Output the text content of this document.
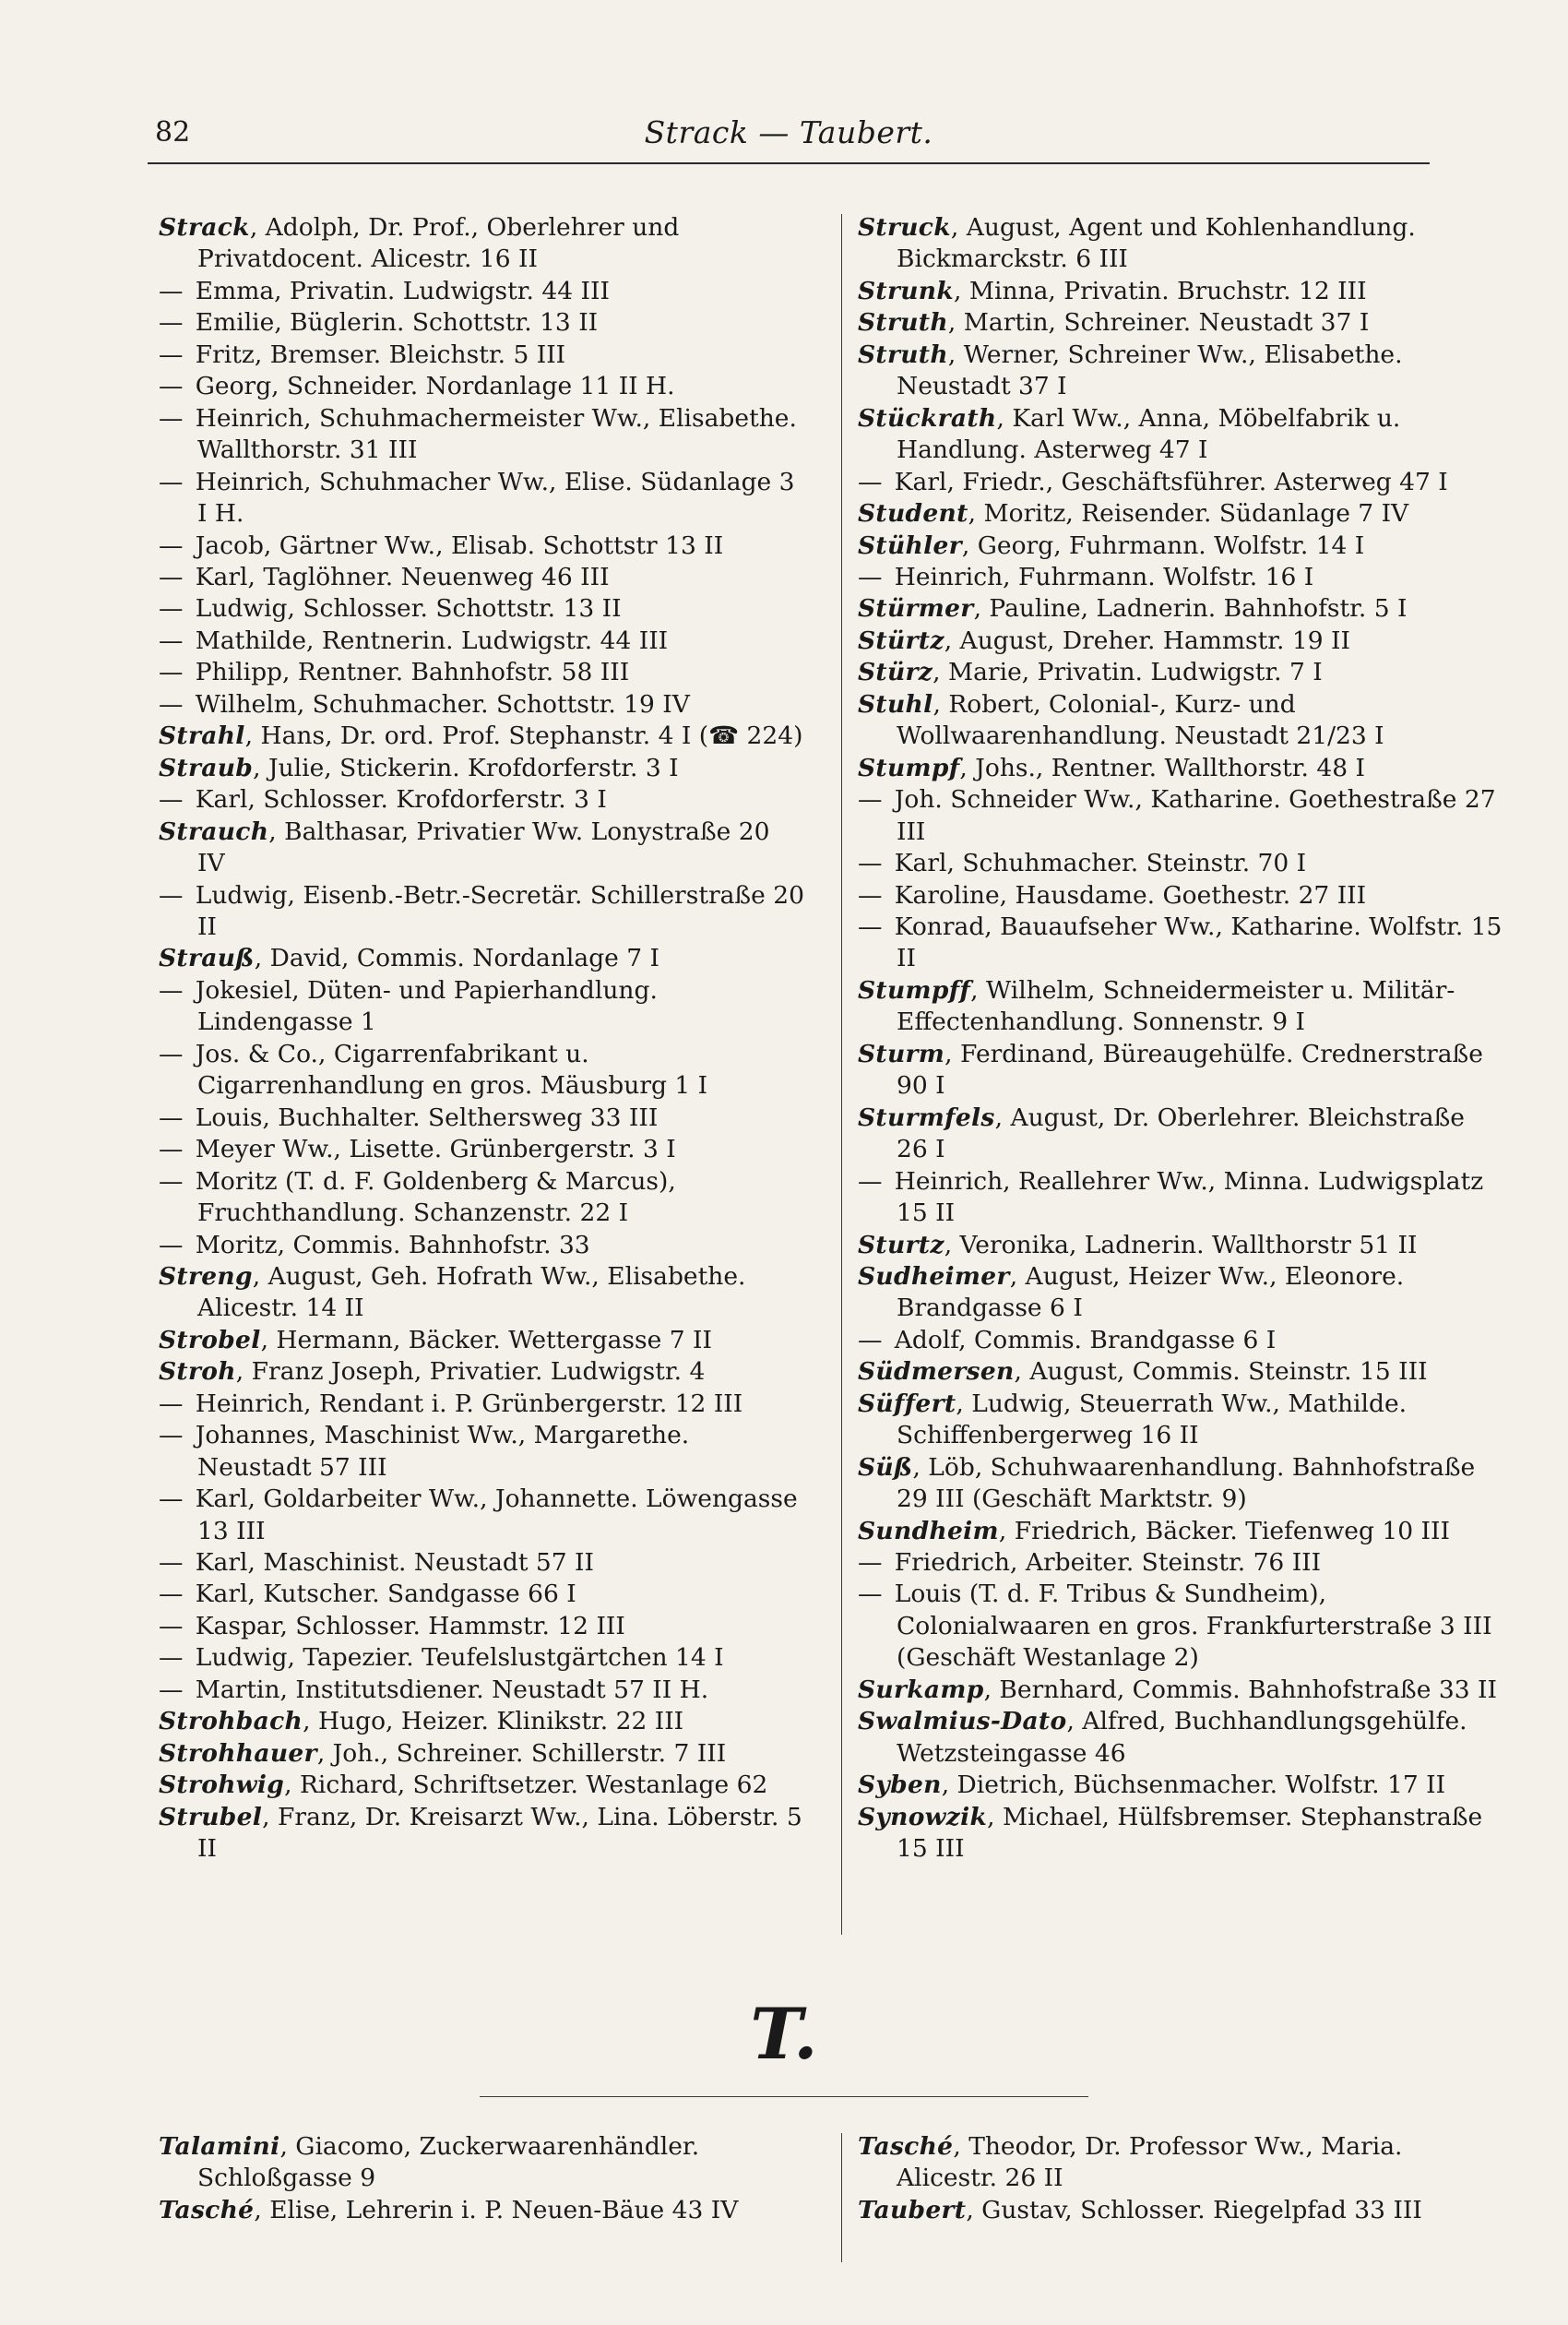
82	Strack — Taubert.

Strack, Adolph, Dr. Prof., Oberlehrer und Privatdocent. Alicestr. 16 II

— Emma, Privatin. Ludwigstr. 44 III

— Emilie, Büglerin. Schottstr. 13 II

— Fritz, Bremser. Bleichstr. 5 III

— Georg, Schneider. Nordanlage 11 II H.

— Heinrich, Schuhmachermeister Ww., Elisabethe. Wallthorstr. 31 III

— Heinrich, Schuhmacher Ww., Elise. Südanlage 3 I H.

— Jacob, Gärtner Ww., Elisab. Schottstr 13 II

— Karl, Taglöhner. Neuenweg 46 III

— Ludwig, Schlosser. Schottstr. 13 II

— Mathilde, Rentnerin. Ludwigstr. 44 III

— Philipp, Rentner. Bahnhofstr. 58 III

— Wilhelm, Schuhmacher. Schottstr. 19 IV

Strahl, Hans, Dr. ord. Prof. Stephanstr. 4 I (☎ 224)

Straub, Julie, Stickerin. Krofdorferstr. 3 I

— Karl, Schlosser. Krofdorferstr. 3 I

Strauch, Balthasar, Privatier Ww. Lonystraße 20 IV

— Ludwig, Eisenb.-Betr.-Secretär. Schillerstraße 20 II

Strauß, David, Commis. Nordanlage 7 I

— Jokesiel, Düten- und Papierhandlung. Lindengasse 1

— Jos. & Co., Cigarrenfabrikant u. Cigarrenhandlung en gros. Mäusburg 1 I

— Louis, Buchhalter. Selthersweg 33 III

— Meyer Ww., Lisette. Grünbergerstr. 3 I

— Moritz (T. d. F. Goldenberg & Marcus), Fruchthandlung. Schanzenstr. 22 I

— Moritz, Commis. Bahnhofstr. 33

Streng, August, Geh. Hofrath Ww., Elisabethe. Alicestr. 14 II

Strobel, Hermann, Bäcker. Wettergasse 7 II

Stroh, Franz Joseph, Privatier. Ludwigstr. 4

— Heinrich, Rendant i. P. Grünbergerstr. 12 III

— Johannes, Maschinist Ww., Margarethe. Neustadt 57 III

— Karl, Goldarbeiter Ww., Johannette. Löwengasse 13 III

— Karl, Maschinist. Neustadt 57 II

— Karl, Kutscher. Sandgasse 66 I

— Kaspar, Schlosser. Hammstr. 12 III

— Ludwig, Tapezier. Teufelslustgärtchen 14 I

— Martin, Institutsdiener. Neustadt 57 II H.

Strohbach, Hugo, Heizer. Klinikstr. 22 III

Strohhauer, Joh., Schreiner. Schillerstr. 7 III

Strohwig, Richard, Schriftsetzer. Westanlage 62

Strubel, Franz, Dr. Kreisarzt Ww., Lina. Löberstr. 5 II

Struck, August, Agent und Kohlenhandlung. Bickmarckstr. 6 III

Strunk, Minna, Privatin. Bruchstr. 12 III

Struth, Martin, Schreiner. Neustadt 37 I

Struth, Werner, Schreiner Ww., Elisabethe. Neustadt 37 I

Stückrath, Karl Ww., Anna, Möbelfabrik u. Handlung. Asterweg 47 I

— Karl, Friedr., Geschäftsführer. Asterweg 47 I

Student, Moritz, Reisender. Südanlage 7 IV

Stühler, Georg, Fuhrmann. Wolfstr. 14 I

— Heinrich, Fuhrmann. Wolfstr. 16 I

Stürmer, Pauline, Ladnerin. Bahnhofstr. 5 I

Stürtz, August, Dreher. Hammstr. 19 II

Stürz, Marie, Privatin. Ludwigstr. 7 I

Stuhl, Robert, Colonial-, Kurz- und Wollwaarenhandlung. Neustadt 21/23 I

Stumpf, Johs., Rentner. Wallthorstr. 48 I

— Joh. Schneider Ww., Katharine. Goethestraße 27 III

— Karl, Schuhmacher. Steinstr. 70 I

— Karoline, Hausdame. Goethestr. 27 III

— Konrad, Bauaufseher Ww., Katharine. Wolfstr. 15 II

Stumpff, Wilhelm, Schneidermeister u. Militär-Effectenhandlung. Sonnenstr. 9 I

Sturm, Ferdinand, Büreaugehülfe. Crednerstraße 90 I

Sturmfels, August, Dr. Oberlehrer. Bleichstraße 26 I

— Heinrich, Reallehrer Ww., Minna. Ludwigsplatz 15 II

Sturtz, Veronika, Ladnerin. Wallthorstr 51 II

Sudheimer, August, Heizer Ww., Eleonore. Brandgasse 6 I

— Adolf, Commis. Brandgasse 6 I

Südmersen, August, Commis. Steinstr. 15 III

Süffert, Ludwig, Steuerrath Ww., Mathilde. Schiffenbergerweg 16 II

Süß, Löb, Schuhwaarenhandlung. Bahnhofstraße 29 III (Geschäft Marktstr. 9)

Sundheim, Friedrich, Bäcker. Tiefenweg 10 III

— Friedrich, Arbeiter. Steinstr. 76 III

— Louis (T. d. F. Tribus & Sundheim), Colonialwaaren en gros. Frankfurterstraße 3 III (Geschäft Westanlage 2)

Surkamp, Bernhard, Commis. Bahnhofstraße 33 II

Swalmius-Dato, Alfred, Buchhandlungsgehülfe. Wetzsteingasse 46

Syben, Dietrich, Büchsenmacher. Wolfstr. 17 II

Synowzik, Michael, Hülfsbremser. Stephanstraße 15 III

T.

Talamini, Giacomo, Zuckerwaarenhändler. Schloßgasse 9

Tasché, Elise, Lehrerin i. P. Neuen-Bäue 43 IV

Tasché, Theodor, Dr. Professor Ww., Maria. Alicestr. 26 II

Taubert, Gustav, Schlosser. Riegelpfad 33 III
